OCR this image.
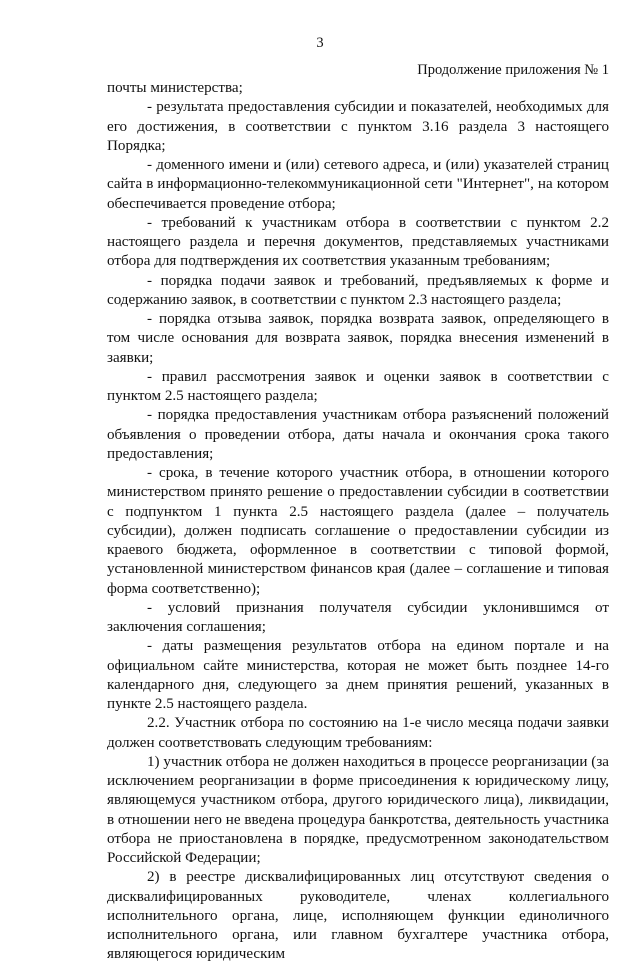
3
Продолжение приложения № 1

почты министерства;

- результата предоставления субсидии и показателей, необходимых для его достижения, в соответствии с пунктом 3.16 раздела 3 настоящего Порядка;

- доменного имени и (или) сетевого адреса, и (или) указателей страниц сайта в информационно-телекоммуникационной сети "Интернет", на котором обеспечивается проведение отбора;

- требований к участникам отбора в соответствии с пунктом 2.2 настоящего раздела и перечня документов, представляемых участниками отбора для подтверждения их соответствия указанным требованиям;

- порядка подачи заявок и требований, предъявляемых к форме и содержанию заявок, в соответствии с пунктом 2.3 настоящего раздела;

- порядка отзыва заявок, порядка возврата заявок, определяющего в том числе основания для возврата заявок, порядка внесения изменений в заявки;

- правил рассмотрения заявок и оценки заявок в соответствии с пунктом 2.5 настоящего раздела;

- порядка предоставления участникам отбора разъяснений положений объявления о проведении отбора, даты начала и окончания срока такого предоставления;

- срока, в течение которого участник отбора, в отношении которого министерством принято решение о предоставлении субсидии в соответствии с подпунктом 1 пункта 2.5 настоящего раздела (далее – получатель субсидии), должен подписать соглашение о предоставлении субсидии из краевого бюджета, оформленное в соответствии с типовой формой, установленной министерством финансов края (далее – соглашение и типовая форма соответственно);

- условий признания получателя субсидии уклонившимся от заключения соглашения;

- даты размещения результатов отбора на едином портале и на официальном сайте министерства, которая не может быть позднее 14-го календарного дня, следующего за днем принятия решений, указанных в пункте 2.5 настоящего раздела.

2.2. Участник отбора по состоянию на 1-е число месяца подачи заявки должен соответствовать следующим требованиям:

1) участник отбора не должен находиться в процессе реорганизации (за исключением реорганизации в форме присоединения к юридическому лицу, являющемуся участником отбора, другого юридического лица), ликвидации, в отношении него не введена процедура банкротства, деятельность участника отбора не приостановлена в порядке, предусмотренном законодательством Российской Федерации;

2) в реестре дисквалифицированных лиц отсутствуют сведения о дисквалифицированных руководителе, членах коллегиального исполнительного органа, лице, исполняющем функции единоличного исполнительного органа, или главном бухгалтере участника отбора, являющегося юридическим
